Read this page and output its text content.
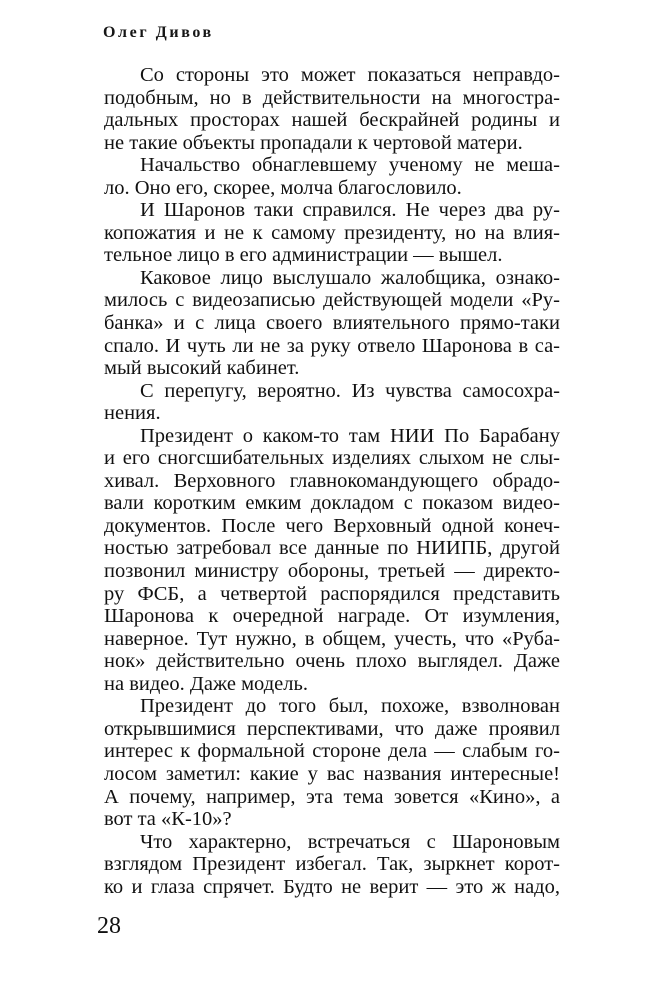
Олег Дивов
Со стороны это может показаться неправдо-
подобным, но в действительности на многостра-
дальных просторах нашей бескрайней родины и
не такие объекты пропадали к чертовой матери.
Начальство обнаглевшему ученому не меша-
ло. Оно его, скорее, молча благословило.
И Шаронов таки справился. Не через два ру-
копожатия и не к самому президенту, но на влия-
тельное лицо в его администрации — вышел.
Каковое лицо выслушало жалобщика, ознако-
милось с видеозаписью действующей модели «Ру-
банка» и с лица своего влиятельного прямо-таки
спало. И чуть ли не за руку отвело Шаронова в са-
мый высокий кабинет.
С перепугу, вероятно. Из чувства самосохра-
нения.
Президент о каком-то там НИИ По Барабану
и его сногсшибательных изделиях слыхом не слы-
хивал. Верховного главнокомандующего обрадо-
вали коротким емким докладом с показом видео-
документов. После чего Верховный одной конеч-
ностью затребовал все данные по НИИПБ, другой
позвонил министру обороны, третьей — директо-
ру ФСБ, а четвертой распорядился представить
Шаронова к очередной награде. От изумления,
наверное. Тут нужно, в общем, учесть, что «Руба-
нок» действительно очень плохо выглядел. Даже
на видео. Даже модель.
Президент до того был, похоже, взволнован
открывшимися перспективами, что даже проявил
интерес к формальной стороне дела — слабым го-
лосом заметил: какие у вас названия интересные!
А почему, например, эта тема зовется «Кино», а
вот та «К-10»?
Что характерно, встречаться с Шароновым
взглядом Президент избегал. Так, зыркнет корот-
ко и глаза спрячет. Будто не верит — это ж надо,
28
